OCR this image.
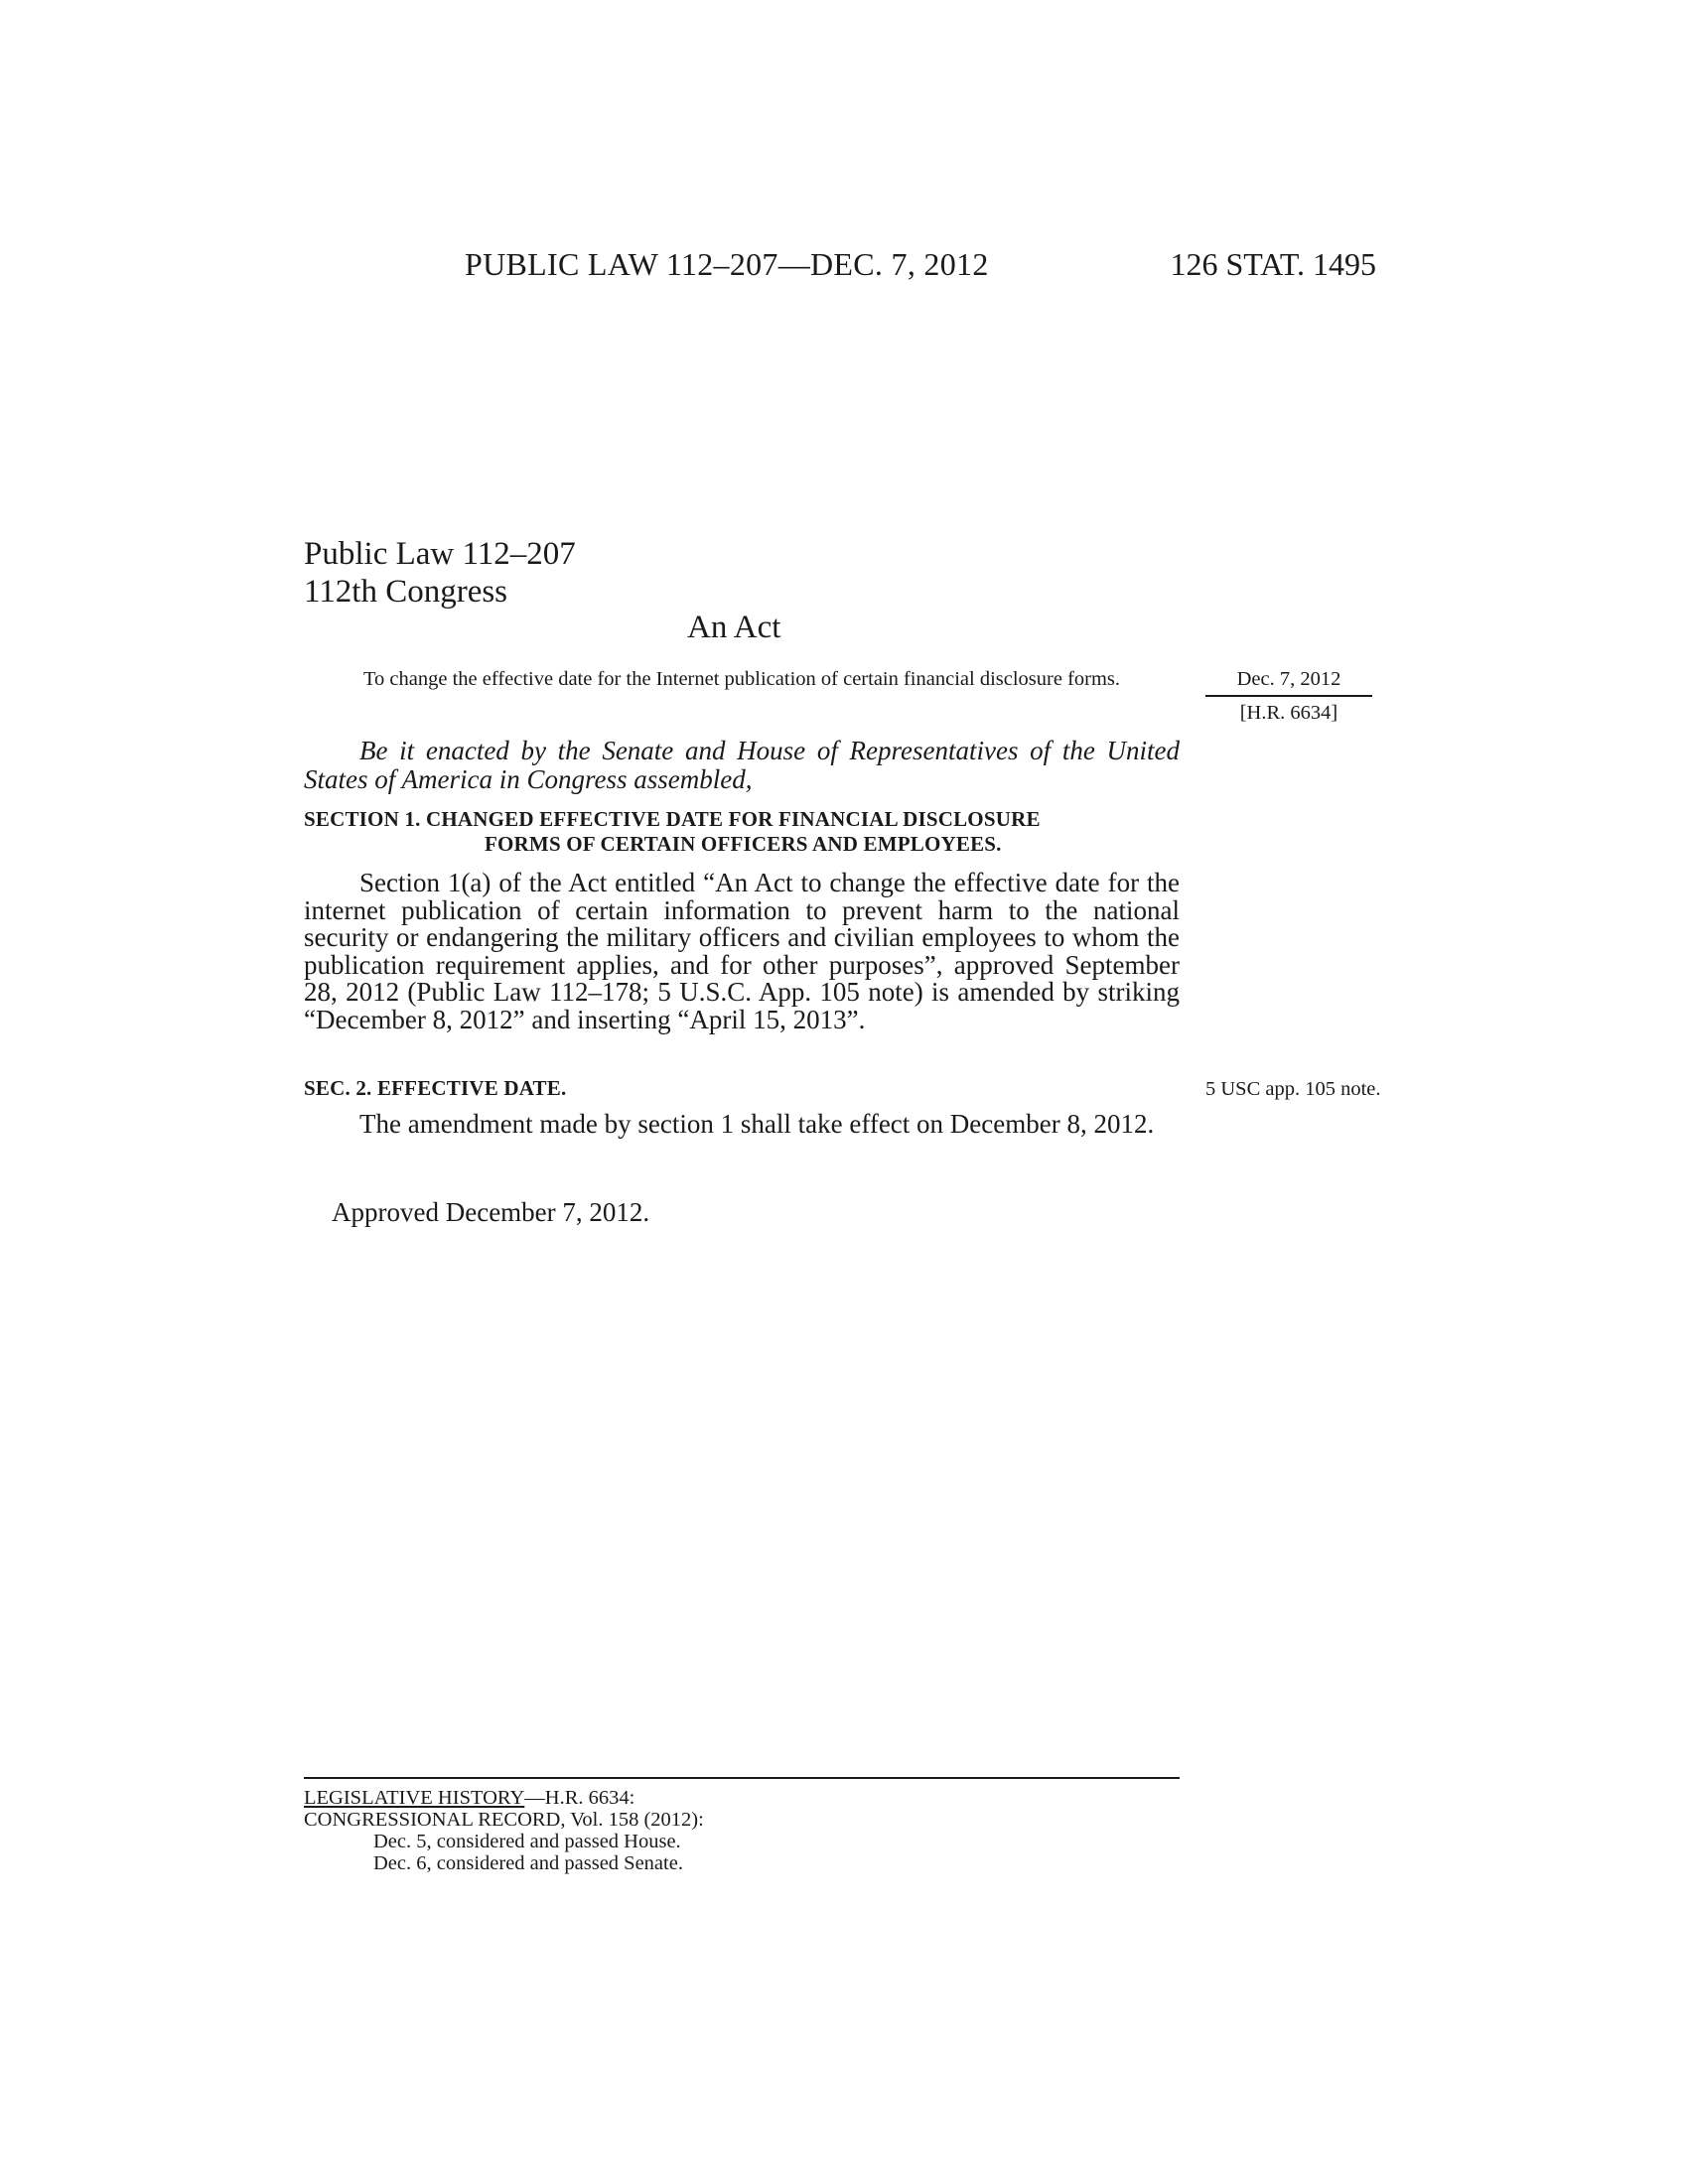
PUBLIC LAW 112–207—DEC. 7, 2012	126 STAT. 1495
Public Law 112–207
112th Congress
An Act
To change the effective date for the Internet publication of certain financial disclosure forms.	Dec. 7, 2012
[H.R. 6634]
Be it enacted by the Senate and House of Representatives of the United States of America in Congress assembled,
SECTION 1. CHANGED EFFECTIVE DATE FOR FINANCIAL DISCLOSURE
FORMS OF CERTAIN OFFICERS AND EMPLOYEES.
Section 1(a) of the Act entitled “An Act to change the effective date for the internet publication of certain information to prevent harm to the national security or endangering the military officers and civilian employees to whom the publication requirement applies, and for other purposes”, approved September 28, 2012 (Public Law 112–178; 5 U.S.C. App. 105 note) is amended by striking “December 8, 2012” and inserting “April 15, 2013”.
SEC. 2. EFFECTIVE DATE.	5 USC app. 105 note.
The amendment made by section 1 shall take effect on December 8, 2012.
Approved December 7, 2012.
LEGISLATIVE HISTORY—H.R. 6634:
CONGRESSIONAL RECORD, Vol. 158 (2012):
Dec. 5, considered and passed House.
Dec. 6, considered and passed Senate.
